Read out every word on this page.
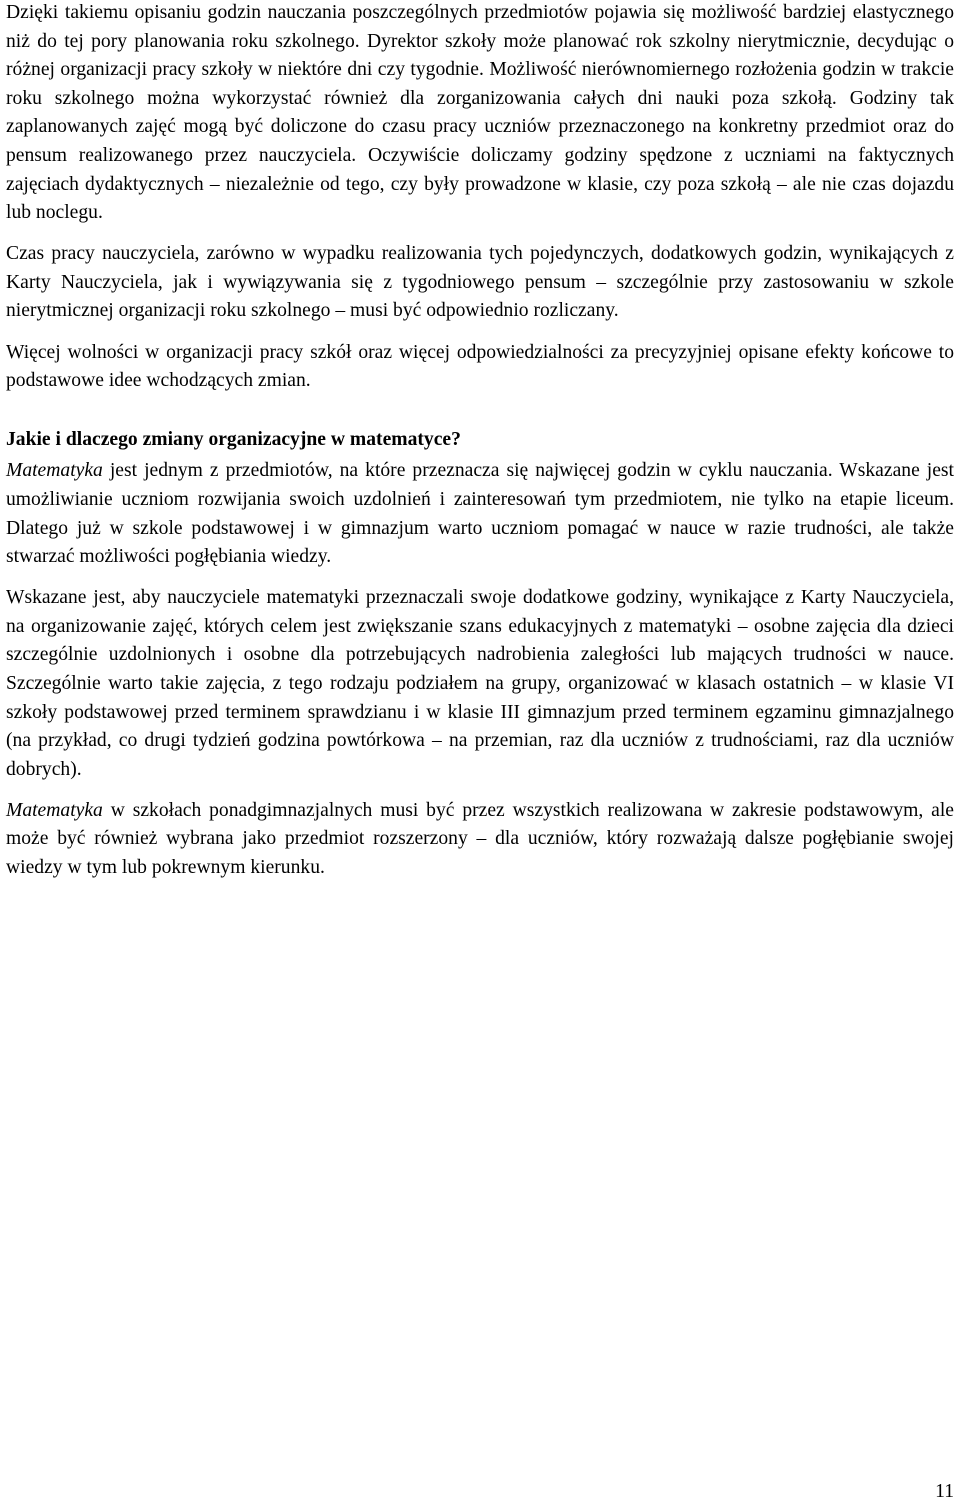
Dzięki takiemu opisaniu godzin nauczania poszczególnych przedmiotów pojawia się możliwość bardziej elastycznego niż do tej pory planowania roku szkolnego. Dyrektor szkoły może planować rok szkolny nierytmicznie, decydując o różnej organizacji pracy szkoły w niektóre dni czy tygodnie. Możliwość nierównomiernego rozłożenia godzin w trakcie roku szkolnego można wykorzystać również dla zorganizowania całych dni nauki poza szkołą. Godziny tak zaplanowanych zajęć mogą być doliczone do czasu pracy uczniów przeznaczonego na konkretny przedmiot oraz do pensum realizowanego przez nauczyciela. Oczywiście doliczamy godziny spędzone z uczniami na faktycznych zajęciach dydaktycznych – niezależnie od tego, czy były prowadzone w klasie, czy poza szkołą – ale nie czas dojazdu lub noclegu.

Czas pracy nauczyciela, zarówno w wypadku realizowania tych pojedynczych, dodatkowych godzin, wynikających z Karty Nauczyciela, jak i wywiązywania się z tygodniowego pensum – szczególnie przy zastosowaniu w szkole nierytmicznej organizacji roku szkolnego – musi być odpowiednio rozliczany.

Więcej wolności w organizacji pracy szkół oraz więcej odpowiedzialności za precyzyjniej opisane efekty końcowe to podstawowe idee wchodzących zmian.

Jakie i dlaczego zmiany organizacyjne w matematyce?

Matematyka jest jednym z przedmiotów, na które przeznacza się najwięcej godzin w cyklu nauczania. Wskazane jest umożliwianie uczniom rozwijania swoich uzdolnień i zainteresowań tym przedmiotem, nie tylko na etapie liceum. Dlatego już w szkole podstawowej i w gimnazjum warto uczniom pomagać w nauce w razie trudności, ale także stwarzać możliwości pogłębiania wiedzy.

Wskazane jest, aby nauczyciele matematyki przeznaczali swoje dodatkowe godziny, wynikające z Karty Nauczyciela, na organizowanie zajęć, których celem jest zwiększanie szans edukacyjnych z matematyki – osobne zajęcia dla dzieci szczególnie uzdolnionych i osobne dla potrzebujących nadrobienia zaległości lub mających trudności w nauce. Szczególnie warto takie zajęcia, z tego rodzaju podziałem na grupy, organizować w klasach ostatnich – w klasie VI szkoły podstawowej przed terminem sprawdzianu i w klasie III gimnazjum przed terminem egzaminu gimnazjalnego (na przykład, co drugi tydzień godzina powtórkowa – na przemian, raz dla uczniów z trudnościami, raz dla uczniów dobrych).

Matematyka w szkołach ponadgimnazjalnych musi być przez wszystkich realizowana w zakresie podstawowym, ale może być również wybrana jako przedmiot rozszerzony – dla uczniów, który rozważają dalsze pogłębianie swojej wiedzy w tym lub pokrewnym kierunku.

11
